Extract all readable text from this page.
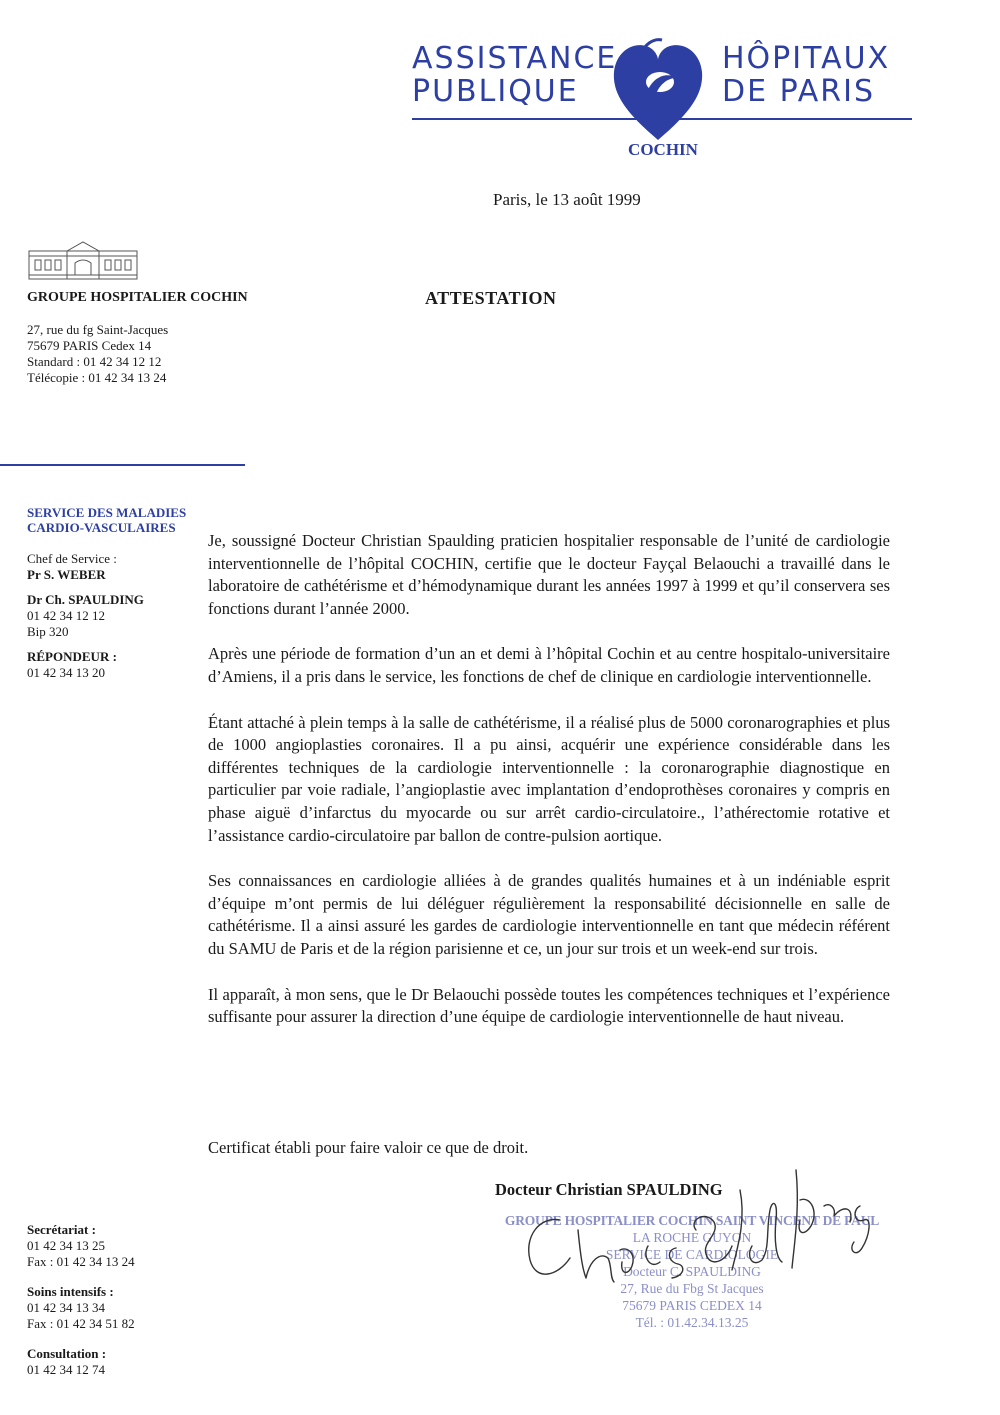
ASSISTANCE
PUBLIQUE
HÔPITAUX
DE PARIS
COCHIN
Paris, le 13 août 1999
ATTESTATION
GROUPE HOSPITALIER COCHIN
27, rue du fg Saint-Jacques
75679 PARIS Cedex 14
Standard : 01 42 34 12 12
Télécopie : 01 42 34 13 24
SERVICE DES MALADIES
CARDIO-VASCULAIRES
Chef de Service :
Pr S. WEBER
Dr Ch. SPAULDING
01 42 34 12 12
Bip 320
RÉPONDEUR :
01 42 34 13 20
Secrétariat :
01 42 34 13 25
Fax : 01 42 34 13 24
Soins intensifs :
01 42 34 13 34
Fax : 01 42 34 51 82
Consultation :
01 42 34 12 74

Je, soussigné Docteur Christian Spaulding praticien hospitalier responsable de l’unité de cardiologie interventionnelle de l’hôpital COCHIN, certifie que le docteur Fayçal Belaouchi a travaillé dans le laboratoire de cathétérisme et d’hémodynamique durant les années 1997 à 1999 et qu’il conservera ses fonctions durant l’année 2000.

Après une période de formation d’un an et demi à l’hôpital Cochin et au centre hospitalo-universitaire d’Amiens, il a pris dans le service, les fonctions de chef de clinique en cardiologie interventionnelle.

Étant attaché à plein temps à la salle de cathétérisme, il a réalisé plus de 5000 coronarographies et plus de 1000 angioplasties coronaires. Il a pu ainsi, acquérir une expérience considérable dans les différentes techniques de la cardiologie interventionnelle : la coronarographie diagnostique en particulier par voie radiale, l’angioplastie avec implantation d’endoprothèses coronaires y compris en phase aiguë d’infarctus du myocarde ou sur arrêt cardio-circulatoire., l’athérectomie rotative et l’assistance cardio-circulatoire par ballon de contre-pulsion aortique.

Ses connaissances en cardiologie alliées à de grandes qualités humaines et à un indéniable esprit d’équipe m’ont permis de lui déléguer régulièrement la responsabilité décisionnelle en salle de cathétérisme. Il a ainsi assuré les gardes de cardiologie interventionnelle en tant que médecin référent du SAMU de Paris et de la région parisienne et ce, un jour sur trois et un week-end sur trois.

Il apparaît, à mon sens, que le Dr Belaouchi possède toutes les compétences techniques et l’expérience suffisante pour assurer la direction d’une équipe de cardiologie interventionnelle de haut niveau.

Certificat établi pour faire valoir ce que de droit.
Docteur Christian SPAULDING
GROUPE HOSPITALIER COCHIN SAINT VINCENT DE PAUL
LA ROCHE GUYON
SERVICE DE CARDIOLOGIE
Docteur C. SPAULDING
27, Rue du Fbg St Jacques
75679 PARIS CEDEX 14
Tél. : 01.42.34.13.25
